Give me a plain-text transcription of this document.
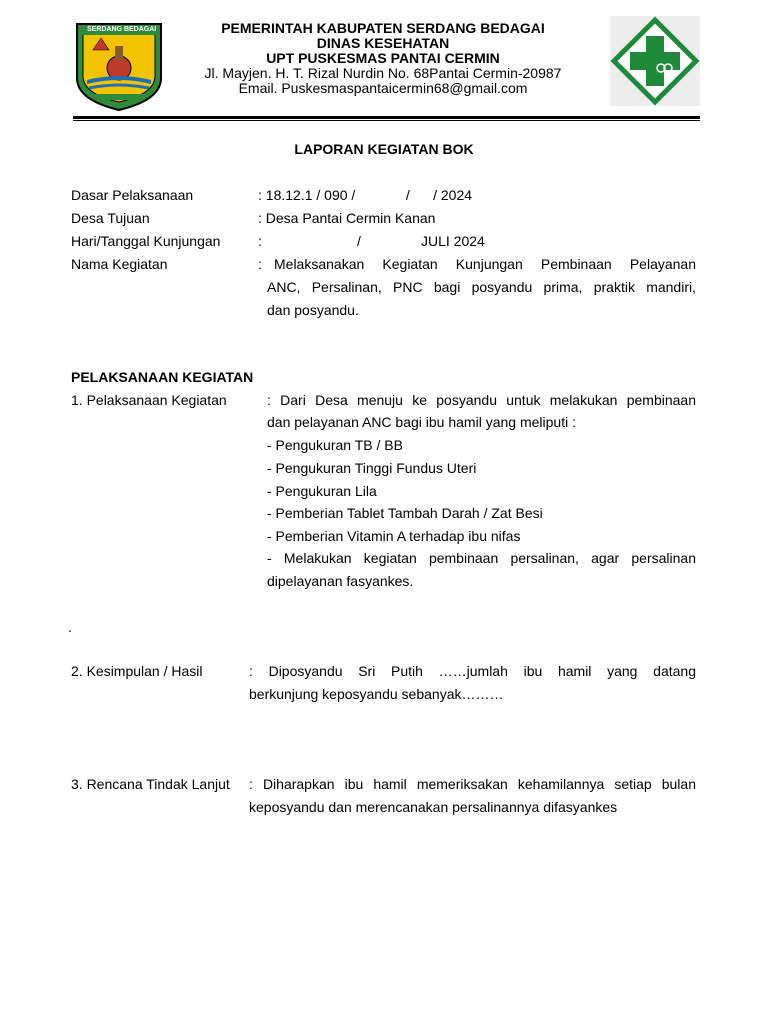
SERDANG BEDAGAI	PEMERINTAH KABUPATEN SERDANG BEDAGAI
DINAS KESEHATAN
UPT PUSKESMAS PANTAI CERMIN
Jl. Mayjen. H. T. Rizal Nurdin No. 68Pantai Cermin-20987
Email. Puskesmaspantaicermin68@gmail.com
LAPORAN KEGIATAN BOK
Dasar Pelaksanaan	: 18.12.1 / 090 /             /      / 2024
Desa Tujuan	: Desa Pantai Cermin Kanan
Hari/Tanggal Kunjungan	:	/	JULI 2024
Nama Kegiatan	: Melaksanakan Kegiatan Kunjungan Pembinaan Pelayanan
ANC, Persalinan, PNC bagi posyandu prima, praktik mandiri,
dan posyandu.
PELAKSANAAN KEGIATAN
1. Pelaksanaan Kegiatan	: Dari Desa menuju ke posyandu untuk melakukan pembinaan
dan pelayanan ANC bagi ibu hamil yang meliputi :
- Pengukuran TB / BB
- Pengukuran Tinggi Fundus Uteri
- Pengukuran Lila
- Pemberian Tablet Tambah Darah / Zat Besi
- Pemberian Vitamin A terhadap ibu nifas
- Melakukan kegiatan pembinaan persalinan, agar persalinan
dipelayanan fasyankes.
.
2. Kesimpulan / Hasil	: Diposyandu Sri Putih ……jumlah ibu hamil yang datang
berkunjung keposyandu sebanyak………
3. Rencana Tindak Lanjut : Diharapkan ibu hamil memeriksakan kehamilannya setiap bulan
keposyandu dan merencanakan persalinannya difasyankes
